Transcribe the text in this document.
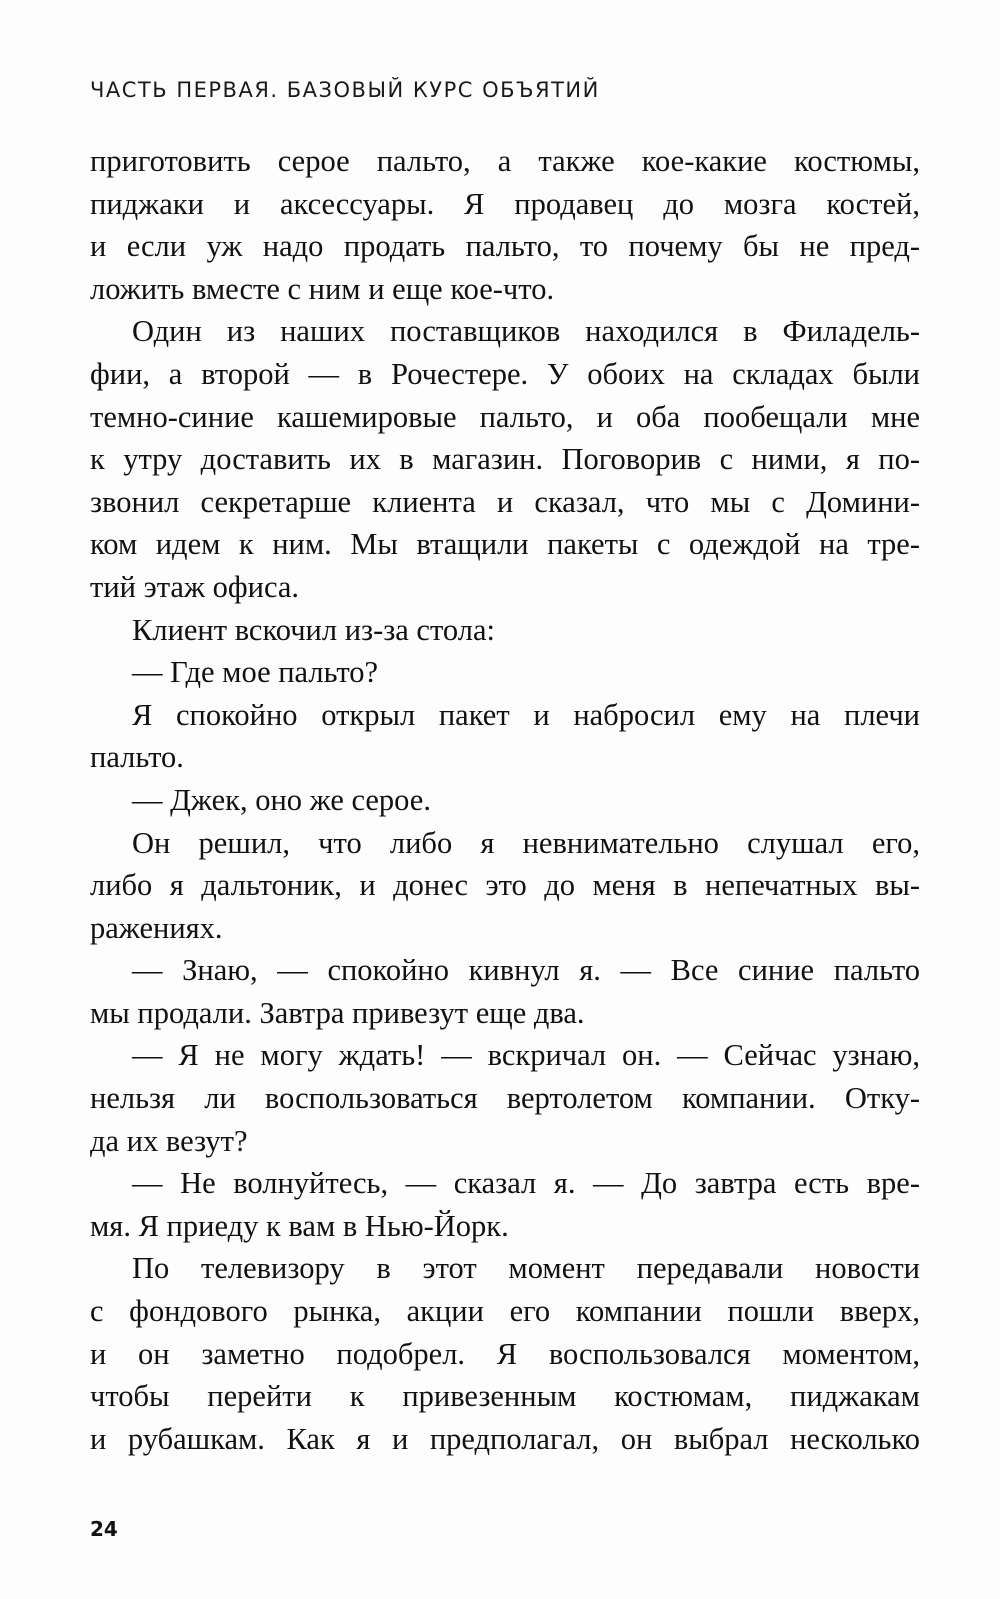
ЧАСТЬ ПЕРВАЯ. БАЗОВЫЙ КУРС ОБЪЯТИЙ
приготовить серое пальто, а также кое-какие костюмы,
пиджаки и аксессуары. Я продавец до мозга костей,
и если уж надо продать пальто, то почему бы не пред-
ложить вместе с ним и еще кое-что.
Один из наших поставщиков находился в Филадель-
фии, а второй — в Рочестере. У обоих на складах были
темно-синие кашемировые пальто, и оба пообещали мне
к утру доставить их в магазин. Поговорив с ними, я по-
звонил секретарше клиента и сказал, что мы с Домини-
ком идем к ним. Мы втащили пакеты с одеждой на тре-
тий этаж офиса.
Клиент вскочил из-за стола:
— Где мое пальто?
Я спокойно открыл пакет и набросил ему на плечи
пальто.
— Джек, оно же серое.
Он решил, что либо я невнимательно слушал его,
либо я дальтоник, и донес это до меня в непечатных вы-
ражениях.
— Знаю, — спокойно кивнул я. — Все синие пальто
мы продали. Завтра привезут еще два.
— Я не могу ждать! — вскричал он. — Сейчас узнаю,
нельзя ли воспользоваться вертолетом компании. Отку-
да их везут?
— Не волнуйтесь, — сказал я. — До завтра есть вре-
мя. Я приеду к вам в Нью-Йорк.
По телевизору в этот момент передавали новости
с фондового рынка, акции его компании пошли вверх,
и он заметно подобрел. Я воспользовался моментом,
чтобы перейти к привезенным костюмам, пиджакам
и рубашкам. Как я и предполагал, он выбрал несколько
24
